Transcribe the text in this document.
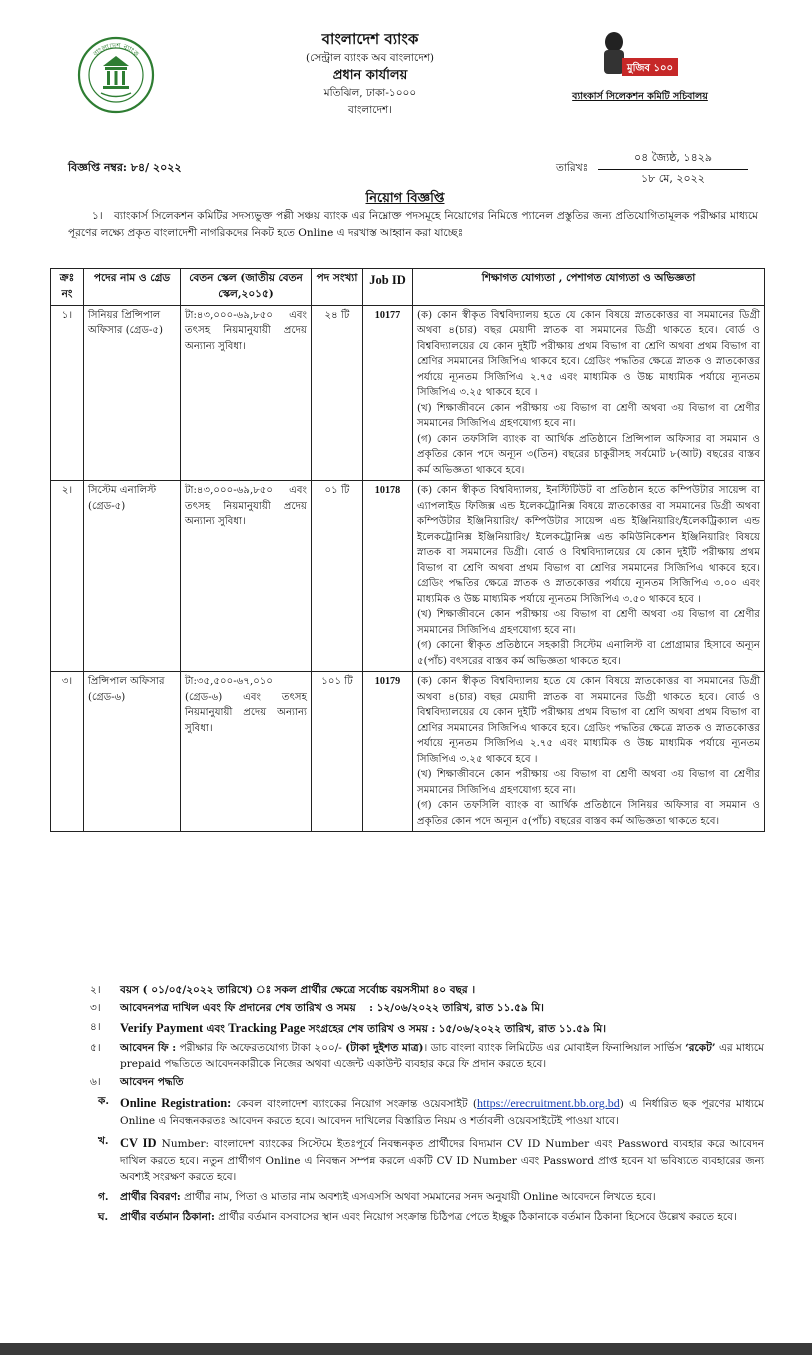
বাংলাদেশ ব্যাংক
বাংলাদেশ ব্যাংক
(সেন্ট্রাল ব্যাংক অব বাংলাদেশ)
প্রধান কার্যালয়
মতিঝিল, ঢাকা-১০০০
বাংলাদেশ।
মুজিব ১০০
ব্যাংকার্স সিলেকশন কমিটি সচিবালয়
বিজ্ঞপ্তি নম্বর: ৮৪/ ২০২২	তারিখঃ
০৪ জ্যৈষ্ঠ, ১৪২৯
১৮ মে, ২০২২
নিয়োগ বিজ্ঞপ্তি
১। ব্যাংকার্স সিলেকশন কমিটির সদস্যভুক্ত পল্লী সঞ্চয় ব্যাংক এর নিম্নোক্ত পদসমূহে নিয়োগের নিমিত্তে প্যানেল প্রস্তুতির জন্য প্রতিযোগিতামূলক পরীক্ষার মাধ্যমে পূরণের লক্ষ্যে প্রকৃত বাংলাদেশী নাগরিকদের নিকট হতে Online এ দরখাস্ত আহ্বান করা যাচ্ছেঃ
ক্রঃ নং	পদের নাম ও গ্রেড	বেতন স্কেল (জাতীয় বেতন স্কেল,২০১৫)	পদ সংখ্যা	Job ID	শিক্ষাগত যোগ্যতা , পেশাগত যোগ্যতা ও অভিজ্ঞতা
১।	সিনিয়র প্রিন্সিপাল অফিসার (গ্রেড-৫)	টা:৪৩,০০০-৬৯,৮৫০ এবং তৎসহ নিয়মানুযায়ী প্রদেয় অন্যান্য সুবিধা।	২৪ টি	10177	(ক) কোন স্বীকৃত বিশ্ববিদ্যালয় হতে যে কোন বিষয়ে স্নাতকোত্তর বা সমমানের ডিগ্রী অথবা ৪(চার) বছর মেয়াদী স্নাতক বা সমমানের ডিগ্রী থাকতে হবে। বোর্ড ও বিশ্ববিদ্যালয়ের যে কোন দুইটি পরীক্ষায় প্রথম বিভাগ বা শ্রেণি অথবা প্রথম বিভাগ বা শ্রেণির সমমানের সিজিপিএ থাকবে হবে। গ্রেডিং পদ্ধতির ক্ষেত্রে স্নাতক ও স্নাতকোত্তর পর্যায়ে ন্যূনতম সিজিপিএ ২.৭৫ এবং মাধ্যমিক ও উচ্চ মাধ্যমিক পর্যায়ে ন্যূনতম সিজিপিএ ৩.২৫ থাকবে হবে ।

(খ) শিক্ষাজীবনে কোন পরীক্ষায় ৩য় বিভাগ বা শ্রেণী অথবা ৩য় বিভাগ বা শ্রেণীর সমমানের সিজিপিএ গ্রহণযোগ্য হবে না।

(গ) কোন তফসিলি ব্যাংক বা আর্থিক প্রতিষ্ঠানে প্রিন্সিপাল অফিসার বা সমমান ও প্রকৃতির কোন পদে অন্যূন ৩(তিন) বছরের চাকুরীসহ সর্বমোট ৮(আট) বছরের বাস্তব কর্ম অভিজ্ঞতা থাকবে হবে।

২।	সিস্টেম এনালিস্ট (গ্রেড-৫)	টা:৪৩,০০০-৬৯,৮৫০ এবং তৎসহ নিয়মানুযায়ী প্রদেয় অন্যান্য সুবিধা।	০১ টি	10178	(ক) কোন স্বীকৃত বিশ্ববিদ্যালয়, ইনস্টিটিউট বা প্রতিষ্ঠান হতে কম্পিউটার সায়েন্স বা এ্যাপলাইড ফিজিক্স এন্ড ইলেকট্রোনিক্স বিষয়ে স্নাতকোত্তর বা সমমানের ডিগ্রী অথবা কম্পিউটার ইঞ্জিনিয়ারিং/ কম্পিউটার সায়েন্স এন্ড ইঞ্জিনিয়ারিং/ইলেকট্রিক্যাল এন্ড ইলেকট্রোনিক্স ইঞ্জিনিয়ারিং/ ইলেকট্রোনিক্স এন্ড কমিউনিকেশন ইঞ্জিনিয়ারিং বিষয়ে স্নাতক বা সমমানের ডিগ্রী। বোর্ড ও বিশ্ববিদ্যালয়ের যে কোন দুইটি পরীক্ষায় প্রথম বিভাগ বা শ্রেণি অথবা প্রথম বিভাগ বা শ্রেণির সমমানের সিজিপিএ থাকবে হবে। গ্রেডিং পদ্ধতির ক্ষেত্রে স্নাতক ও স্নাতকোত্তর পর্যায়ে ন্যূনতম সিজিপিএ ৩.০০ এবং মাধ্যমিক ও উচ্চ মাধ্যমিক পর্যায়ে ন্যূনতম সিজিপিএ ৩.৫০ থাকবে হবে ।

(খ) শিক্ষাজীবনে কোন পরীক্ষায় ৩য় বিভাগ বা শ্রেণী অথবা ৩য় বিভাগ বা শ্রেণীর সমমানের সিজিপিএ গ্রহণযোগ্য হবে না।

(গ) কোনো স্বীকৃত প্রতিষ্ঠানে সহকারী সিস্টেম এনালিস্ট বা প্রোগ্রামার হিসাবে অন্যূন ৫(পাঁচ) বৎসরের বাস্তব কর্ম অভিজ্ঞতা থাকতে হবে।

৩।	প্রিন্সিপাল অফিসার (গ্রেড-৬)	টা:৩৫,৫০০-৬৭,০১০ (গ্রেড-৬) এবং তৎসহ নিয়মানুযায়ী প্রদেয় অন্যান্য সুবিধা।	১০১ টি	10179	(ক) কোন স্বীকৃত বিশ্ববিদ্যালয় হতে যে কোন বিষয়ে স্নাতকোত্তর বা সমমানের ডিগ্রী অথবা ৪(চার) বছর মেয়াদী স্নাতক বা সমমানের ডিগ্রী থাকতে হবে। বোর্ড ও বিশ্ববিদ্যালয়ের যে কোন দুইটি পরীক্ষায় প্রথম বিভাগ বা শ্রেণি অথবা প্রথম বিভাগ বা শ্রেণির সমমানের সিজিপিএ থাকবে হবে। গ্রেডিং পদ্ধতির ক্ষেত্রে স্নাতক ও স্নাতকোত্তর পর্যায়ে ন্যূনতম সিজিপিএ ২.৭৫ এবং মাধ্যমিক ও উচ্চ মাধ্যমিক পর্যায়ে ন্যূনতম সিজিপিএ ৩.২৫ থাকবে হবে ।

(খ) শিক্ষাজীবনে কোন পরীক্ষায় ৩য় বিভাগ বা শ্রেণী অথবা ৩য় বিভাগ বা শ্রেণীর সমমানের সিজিপিএ গ্রহণযোগ্য হবে না।

(গ) কোন তফসিলি ব্যাংক বা আর্থিক প্রতিষ্ঠানে সিনিয়র অফিসার বা সমমান ও প্রকৃতির কোন পদে অন্যূন ৫(পাঁচ) বছরের বাস্তব কর্ম অভিজ্ঞতা থাকতে হবে।

২। বয়স ( ০১/০৫/২০২২ তারিখে) ঃ সকল প্রার্থীর ক্ষেত্রে সর্বোচ্চ বয়সসীমা ৪০ বছর ।
৩। আবেদনপত্র দাখিল এবং ফি প্রদানের শেষ তারিখ ও সময় : ১২/০৬/২০২২ তারিখ, রাত ১১.৫৯ মি।
৪। Verify Payment এবং Tracking Page সংগ্রহের শেষ তারিখ ও সময় : ১৫/০৬/২০২২ তারিখ, রাত ১১.৫৯ মি।
৫। আবেদন ফি : পরীক্ষার ফি অফেরতযোগ্য টাকা ২০০/- (টাকা দুইশত মাত্র)। ডাচ বাংলা ব্যাংক লিমিটেড এর মোবাইল ফিনান্সিয়াল সার্ভিস ‘রকেট’ এর মাধ্যমে prepaid পদ্ধতিতে আবেদনকারীকে নিজের অথবা এজেন্ট একাউন্ট ব্যবহার করে ফি প্রদান করতে হবে।
৬। আবেদন পদ্ধতি
ক. Online Registration: কেবল বাংলাদেশ ব্যাংকের নিয়োগ সংক্রান্ত ওয়েবসাইট (https://erecruitment.bb.org.bd) এ নির্ধারিত ছক পূরণের মাধ্যমে Online এ নিবন্ধনকরতঃ আবেদন করতে হবে। আবেদন দাখিলের বিস্তারিত নিয়ম ও শর্তাবলী ওয়েবসাইটেই পাওয়া যাবে।
খ. CV ID Number: বাংলাদেশ ব্যাংকের সিস্টেমে ইতঃপূর্বে নিবন্ধনকৃত প্রার্থীদের বিদ্যমান CV ID Number এবং Password ব্যবহার করে আবেদন দাখিল করতে হবে। নতুন প্রার্থীগণ Online এ নিবন্ধন সম্পন্ন করলে একটি CV ID Number এবং Password প্রাপ্ত হবেন যা ভবিষ্যতে ব্যবহারের জন্য অবশ্যই সংরক্ষণ করতে হবে।
গ. প্রার্থীর বিবরণ: প্রার্থীর নাম, পিতা ও মাতার নাম অবশ্যই এসএসসি অথবা সমমানের সনদ অনুযায়ী Online আবেদনে লিখতে হবে।
ঘ. প্রার্থীর বর্তমান ঠিকানা: প্রার্থীর বর্তমান বসবাসের স্থান এবং নিয়োগ সংক্রান্ত চিঠিপত্র পেতে ইচ্ছুক ঠিকানাকে বর্তমান ঠিকানা হিসেবে উল্লেখ করতে হবে।
